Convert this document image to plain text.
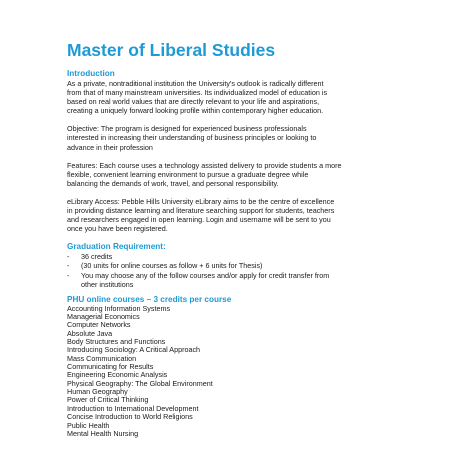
Master of Liberal Studies
Introduction

As a private, nontraditional institution the University's outlook is radically different
from that of many mainstream universities. Its individualized model of education is
based on real world values that are directly relevant to your life and aspirations,
creating a uniquely forward looking profile within contemporary higher education.

Objective: The program is designed for experienced business professionals
interested in increasing their understanding of business principles or looking to
advance in their profession

Features: Each course uses a technology assisted delivery to provide students a more
flexible, convenient learning environment to pursue a graduate degree while
balancing the demands of work, travel, and personal responsibility.

eLibrary Access: Pebble Hills University eLibrary aims to be the centre of excellence
in providing distance learning and literature searching support for students, teachers
and researchers engaged in open learning. Login and username will be sent to you
once you have been registered.

Graduation Requirement:
- 36 credits
- (30 units for online courses as follow + 6 units for Thesis)
- You may choose any of the follow courses and/or apply for credit transfer from
other institutions
PHU online courses – 3 credits per course
Accounting Information Systems
Managerial Economics
Computer Networks
Absolute Java
Body Structures and Functions
Introducing Sociology: A Critical Approach
Mass Communication
Communicating for Results
Engineering Economic Analysis
Physical Geography: The Global Environment
Human Geography
Power of Critical Thinking
Introduction to International Development
Concise Introduction to World Religions
Public Health
Mental Health Nursing
